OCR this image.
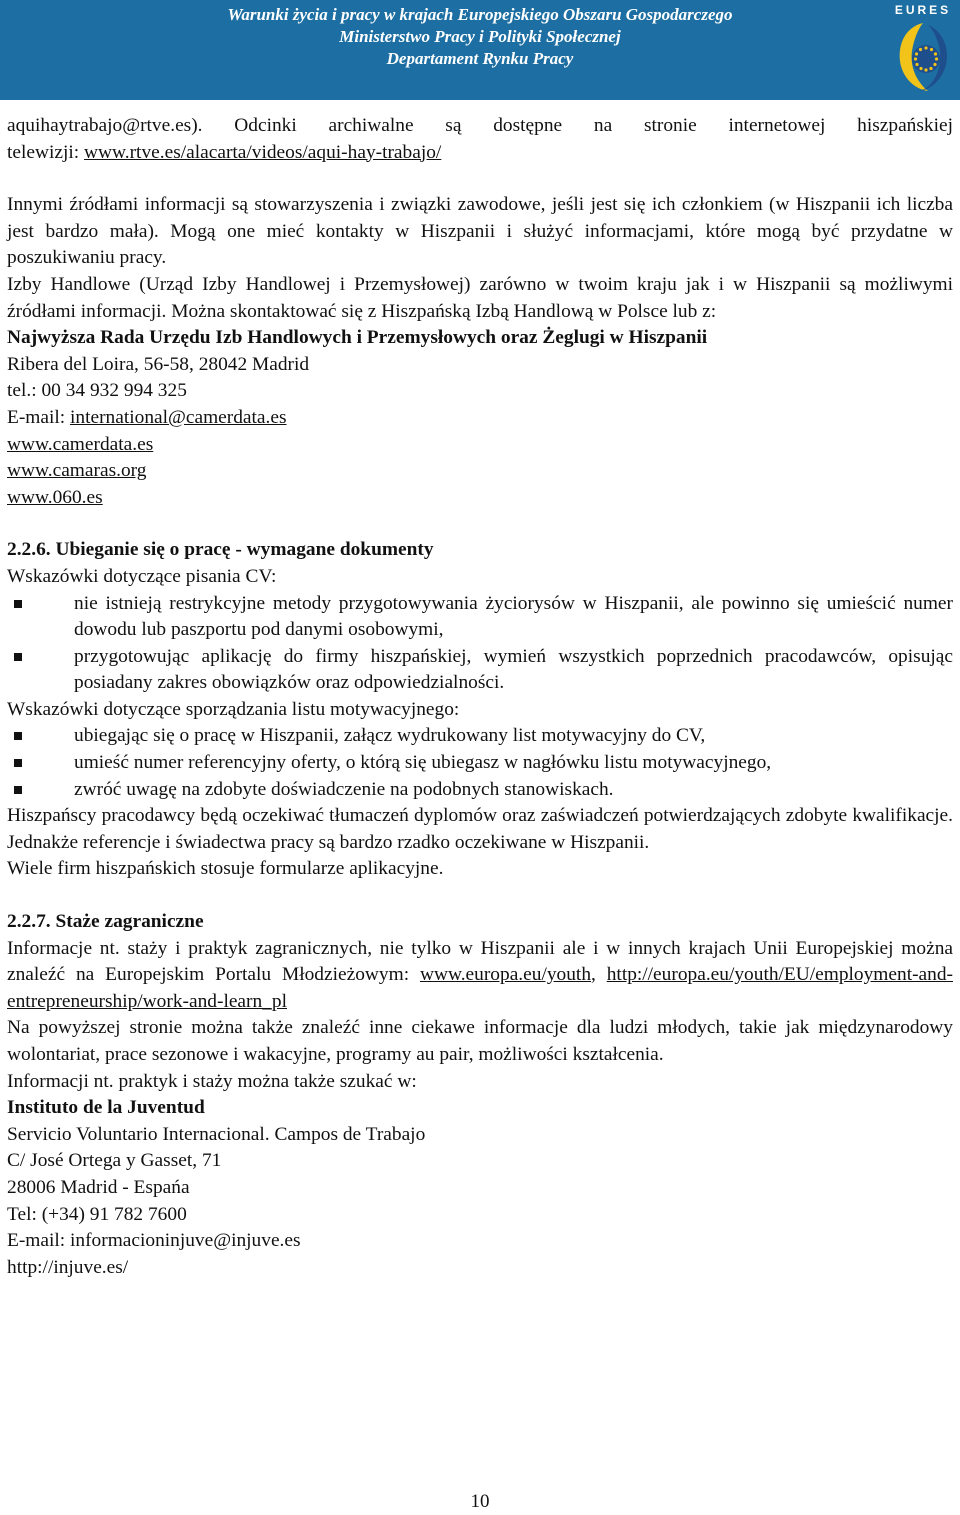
Warunki życia i pracy w krajach Europejskiego Obszaru Gospodarczego
Ministerstwo Pracy i Polityki Społecznej
Departament Rynku Pracy
EURES

aquihaytrabajo@rtve.es). Odcinki archiwalne są dostępne na stronie internetowej hiszpańskiej

telewizji: www.rtve.es/alacarta/videos/aqui-hay-trabajo/

Innymi źródłami informacji są stowarzyszenia i związki zawodowe, jeśli jest się ich członkiem (w Hiszpanii ich liczba jest bardzo mała). Mogą one mieć kontakty w Hiszpanii i służyć informacjami, które mogą być przydatne w poszukiwaniu pracy.

Izby Handlowe (Urząd Izby Handlowej i Przemysłowej) zarówno w twoim kraju jak i w Hiszpanii są możliwymi źródłami informacji. Można skontaktować się z Hiszpańską Izbą Handlową w Polsce lub z:

Najwyższa Rada Urzędu Izb Handlowych i Przemysłowych oraz Żeglugi w Hiszpanii

Ribera del Loira, 56-58, 28042 Madrid

tel.: 00 34 932 994 325

E-mail: international@camerdata.es

www.camerdata.es

www.camaras.org

www.060.es

2.2.6. Ubieganie się o pracę - wymagane dokumenty

Wskazówki dotyczące pisania CV:

nie istnieją restrykcyjne metody przygotowywania życiorysów w Hiszpanii, ale powinno się umieścić numer dowodu lub paszportu pod danymi osobowymi,
przygotowując aplikację do firmy hiszpańskiej, wymień wszystkich poprzednich pracodawców, opisując posiadany zakres obowiązków oraz odpowiedzialności.

Wskazówki dotyczące sporządzania listu motywacyjnego:

ubiegając się o pracę w Hiszpanii, załącz wydrukowany list motywacyjny do CV,
umieść numer referencyjny oferty, o którą się ubiegasz w nagłówku listu motywacyjnego,
zwróć uwagę na zdobyte doświadczenie na podobnych stanowiskach.

Hiszpańscy pracodawcy będą oczekiwać tłumaczeń dyplomów oraz zaświadczeń potwierdzających zdobyte kwalifikacje. Jednakże referencje i świadectwa pracy są bardzo rzadko oczekiwane w Hiszpanii.

Wiele firm hiszpańskich stosuje formularze aplikacyjne.

2.2.7. Staże zagraniczne

Informacje nt. staży i praktyk zagranicznych, nie tylko w Hiszpanii ale i w innych krajach Unii Europejskiej można znaleźć na Europejskim Portalu Młodzieżowym: www.europa.eu/youth, http://europa.eu/youth/EU/employment-and-entrepreneurship/work-and-learn_pl

Na powyższej stronie można także znaleźć inne ciekawe informacje dla ludzi młodych, takie jak międzynarodowy wolontariat, prace sezonowe i wakacyjne, programy au pair, możliwości kształcenia.

Informacji nt. praktyk i staży można także szukać w:

Instituto de la Juventud

Servicio Voluntario Internacional. Campos de Trabajo

C/ José Ortega y Gasset, 71

28006 Madrid - Espańa

Tel: (+34) 91 782 7600

E-mail: informacioninjuve@injuve.es

http://injuve.es/

10
